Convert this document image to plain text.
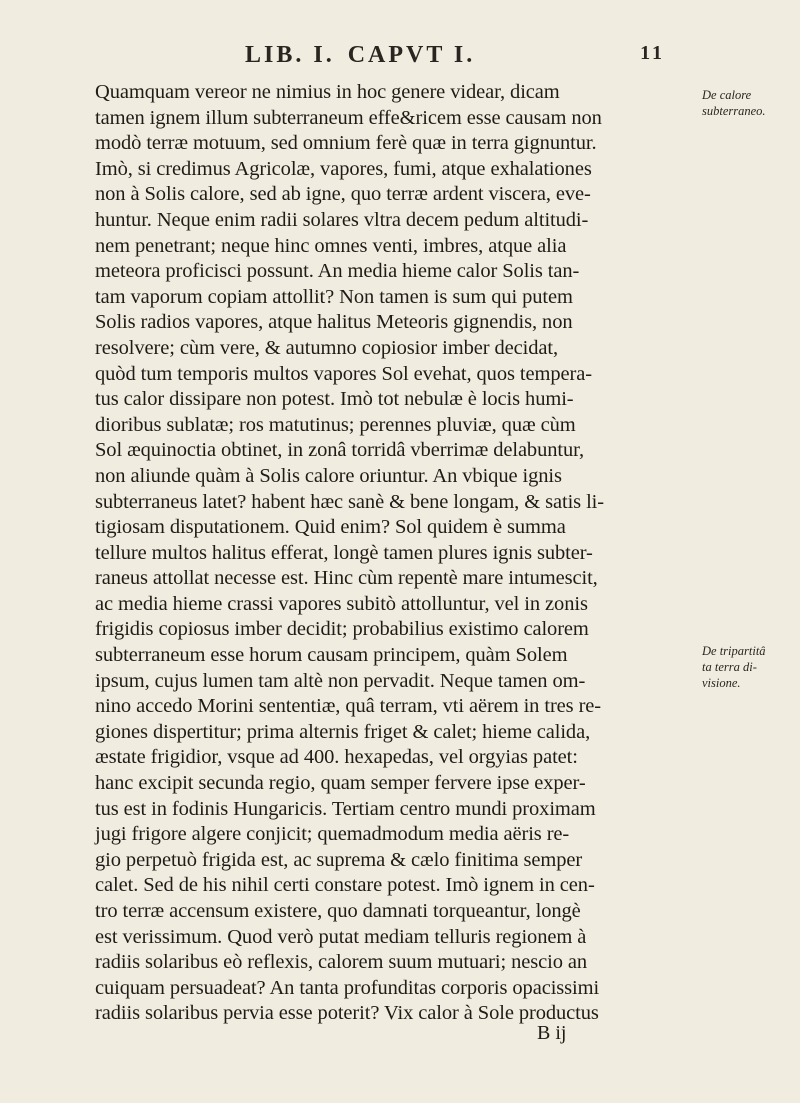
LIB. I. CAPVT I.	11
De calore
subterraneo.
De tripartitâ
ta terra di-
visione.
Quamquam vereor ne nimius in hoc genere videar, dicam
tamen ignem illum subterraneum effe&ricem esse causam non
modò terræ motuum, sed omnium ferè quæ in terra gignuntur.
Imò, si credimus Agricolæ, vapores, fumi, atque exhalationes
non à Solis calore, sed ab igne, quo terræ ardent viscera, eve-
huntur. Neque enim radii solares vltra decem pedum altitudi-
nem penetrant; neque hinc omnes venti, imbres, atque alia
meteora proficisci possunt. An media hieme calor Solis tan-
tam vaporum copiam attollit? Non tamen is sum qui putem
Solis radios vapores, atque halitus Meteoris gignendis, non
resolvere; cùm vere, & autumno copiosior imber decidat,
quòd tum temporis multos vapores Sol evehat, quos tempera-
tus calor dissipare non potest. Imò tot nebulæ è locis humi-
dioribus sublatæ; ros matutinus; perennes pluviæ, quæ cùm
Sol æquinoctia obtinet, in zonâ torridâ vberrimæ delabuntur,
non aliunde quàm à Solis calore oriuntur. An vbique ignis
subterraneus latet? habent hæc sanè & bene longam, & satis li-
tigiosam disputationem. Quid enim? Sol quidem è summa
tellure multos halitus efferat, longè tamen plures ignis subter-
raneus attollat necesse est. Hinc cùm repentè mare intumescit,
ac media hieme crassi vapores subitò attolluntur, vel in zonis
frigidis copiosus imber decidit; probabilius existimo calorem
subterraneum esse horum causam principem, quàm Solem
ipsum, cujus lumen tam altè non pervadit. Neque tamen om-
nino accedo Morini sententiæ, quâ terram, vti aërem in tres re-
giones dispertitur; prima alternis friget & calet; hieme calida,
æstate frigidior, vsque ad 400. hexapedas, vel orgyias patet:
hanc excipit secunda regio, quam semper fervere ipse exper-
tus est in fodinis Hungaricis. Tertiam centro mundi proximam
jugi frigore algere conjicit; quemadmodum media aëris re-
gio perpetuò frigida est, ac suprema & cælo finitima semper
calet. Sed de his nihil certi constare potest. Imò ignem in cen-
tro terræ accensum existere, quo damnati torqueantur, longè
est verissimum. Quod verò putat mediam telluris regionem à
radiis solaribus eò reflexis, calorem suum mutuari; nescio an
cuiquam persuadeat? An tanta profunditas corporis opacissimi
radiis solaribus pervia esse poterit? Vix calor à Sole productus
B ij
